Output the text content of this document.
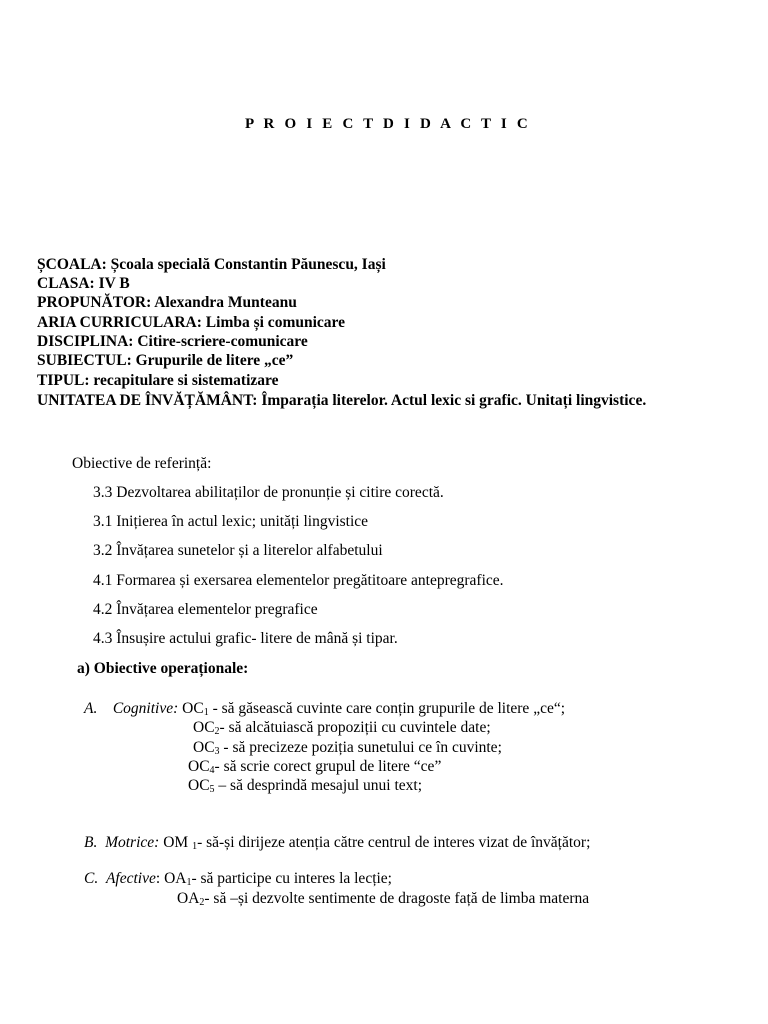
P R O I E C T D I D A C T I C
ȘCOALA: Școala specială Constantin Păunescu, Iași
CLASA: IV B
PROPUNĂTOR: Alexandra Munteanu
ARIA CURRICULARA: Limba și comunicare
DISCIPLINA: Citire-scriere-comunicare
SUBIECTUL: Grupurile de litere „ce”
TIPUL: recapitulare si sistematizare
UNITATEA DE ÎNVĂȚĂMÂNT: Împarația literelor. Actul lexic si grafic. Unitați lingvistice.
Obiective de referință:
3.3 Dezvoltarea abilitaților de pronunție și citire corectă.
3.1 Inițierea în actul lexic; unități lingvistice
3.2 Învățarea sunetelor și a literelor alfabetului
4.1 Formarea și exersarea elementelor pregătitoare antepregrafice.
4.2 Învățarea elementelor pregrafice
4.3 Însușire actului grafic- litere de mână și tipar.
a) Obiective operaționale:
A. Cognitive: $OC_1$ - să găsească cuvinte care conțin grupurile de litere „ce“;
$OC_2-$ să alcătuiască propoziții cu cuvintele date;
$OC_3$ - să precizeze poziția sunetului ce în cuvinte;
$OC_4-$ să scrie corect grupul de litere “ce”
$OC_5$ – să desprindă mesajul unui text;
B. Motrice: OM $_1$- să-și dirijeze atenția către centrul de interes vizat de învățător;
C. Afective: $OA_1-$ să participe cu interes la lecție;
$OA_2-$ să –și dezvolte sentimente de dragoste față de limba materna
